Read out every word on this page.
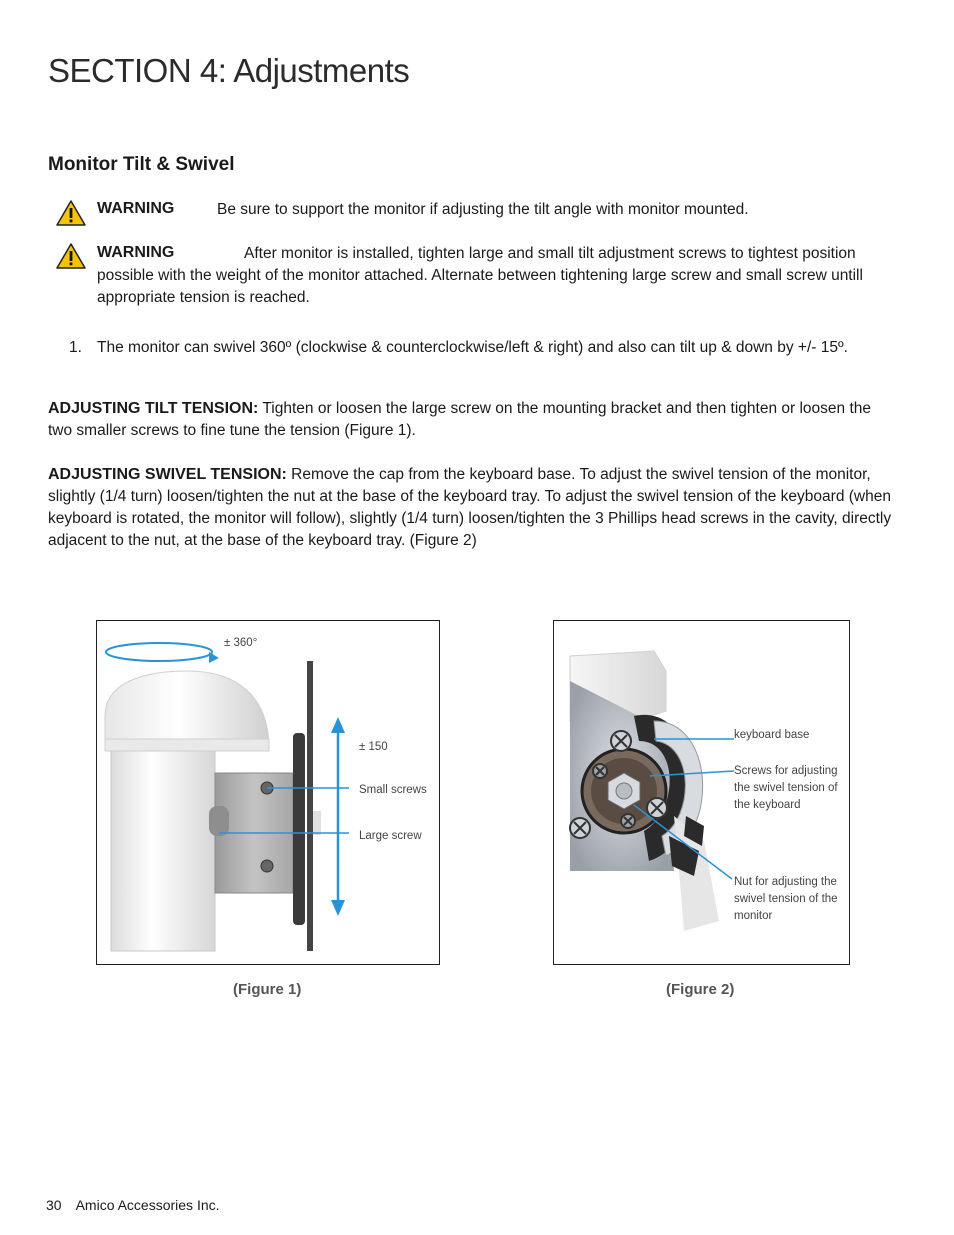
SECTION 4: Adjustments
Monitor Tilt & Swivel
WARNING	Be sure to support the monitor if adjusting the tilt angle with monitor mounted.
WARNING	After monitor is installed, tighten large and small tilt adjustment screws to tightest position
possible with the weight of the monitor attached. Alternate between tightening large screw and small screw untill appropriate tension is reached.
1. The monitor can swivel 360º (clockwise & counterclockwise/left & right) and also can tilt up & down by +/- 15º.
ADJUSTING TILT TENSION: Tighten or loosen the large screw on the mounting bracket and then tighten or loosen the two smaller screws to fine tune the tension (Figure 1).
ADJUSTING SWIVEL TENSION: Remove the cap from the keyboard base. To adjust the swivel tension of the monitor, slightly (1/4 turn) loosen/tighten the nut at the base of the keyboard tray. To adjust the swivel tension of the keyboard (when keyboard is rotated, the monitor will follow), slightly (1/4 turn) loosen/tighten the 3 Phillips head screws in the cavity, directly adjacent to the nut, at the base of the keyboard tray. (Figure 2)
± 360°
± 150
Small screws
Large screw
(Figure 1)
keyboard base
Screws for adjusting the swivel tension of the keyboard
Nut for adjusting the swivel tension of the monitor
(Figure 2)
30 Amico Accessories Inc.
